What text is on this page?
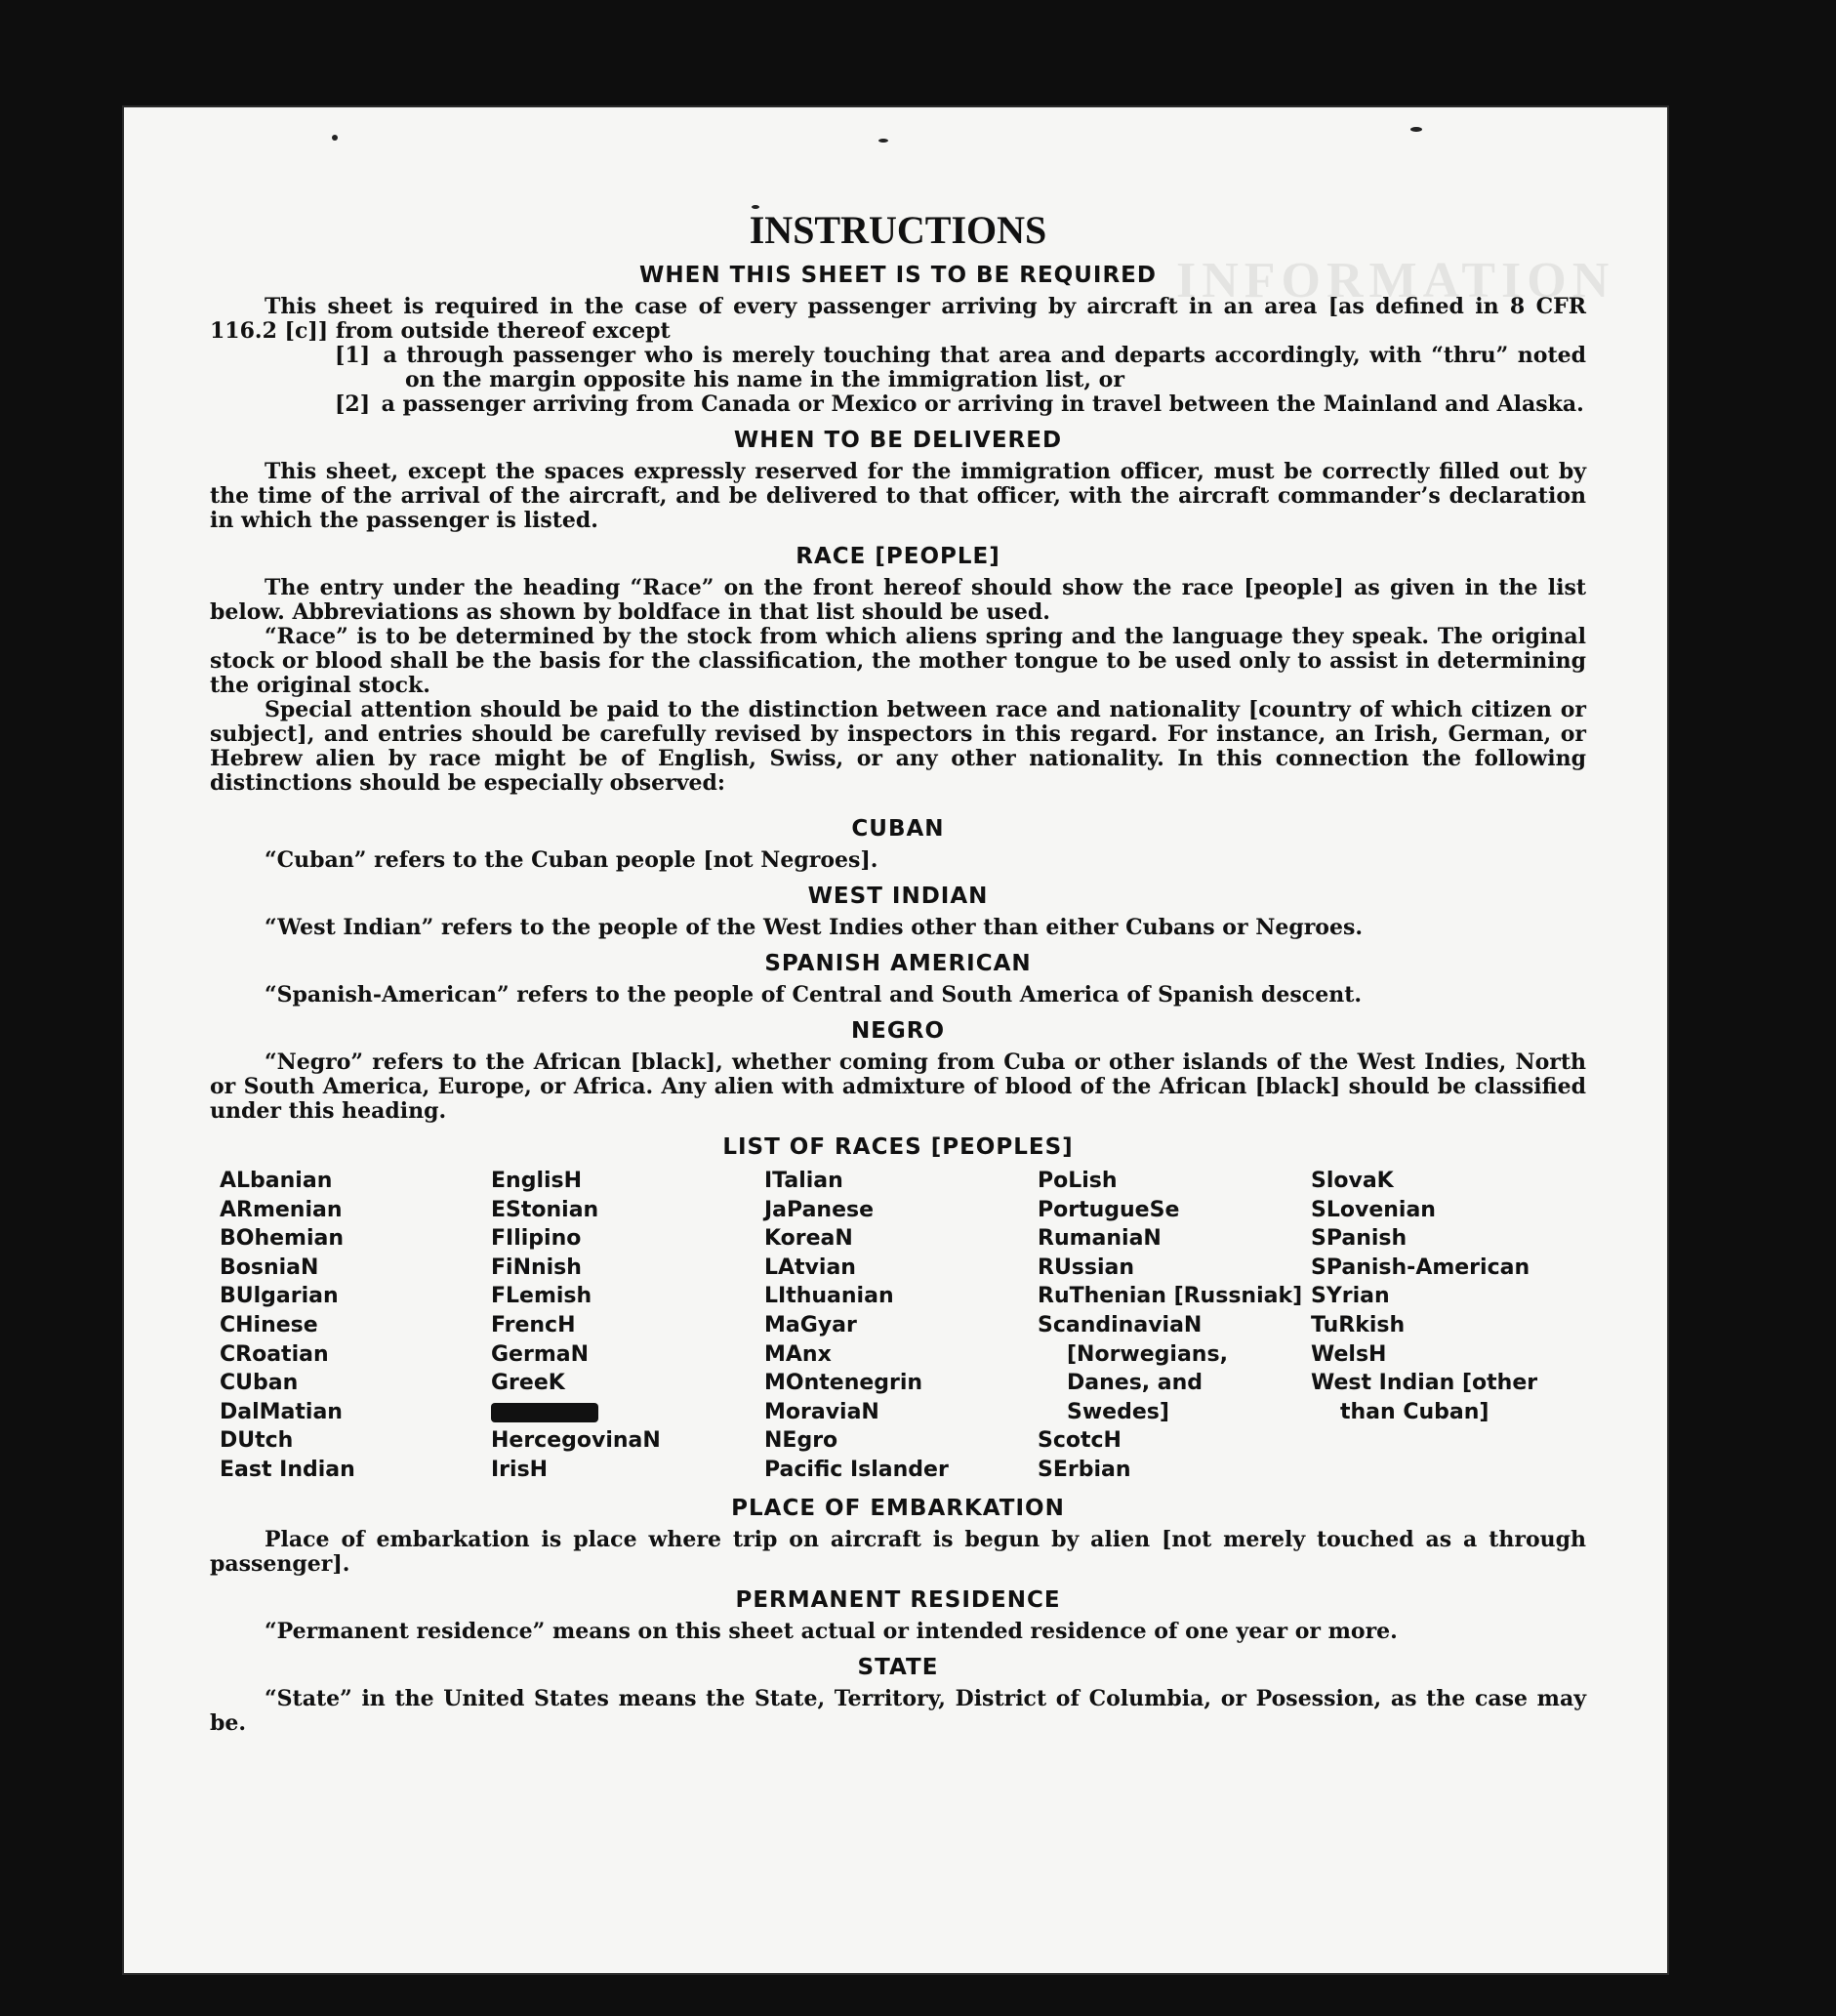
INFORMATION
INSTRUCTIONS
WHEN THIS SHEET IS TO BE REQUIRED

This sheet is required in the case of every passenger arriving by aircraft in an area [as defined in 8 CFR 116.2 [c]] from outside thereof except

[1] a through passenger who is merely touching that area and departs accordingly, with “thru” noted on the margin opposite his name in the immigration list, or

[2] a passenger arriving from Canada or Mexico or arriving in travel between the Mainland and Alaska.

WHEN TO BE DELIVERED

This sheet, except the spaces expressly reserved for the immigration officer, must be correctly filled out by the time of the arrival of the aircraft, and be delivered to that officer, with the aircraft commander’s declaration in which the passenger is listed.

RACE [PEOPLE]

The entry under the heading “Race” on the front hereof should show the race [people] as given in the list below. Abbreviations as shown by boldface in that list should be used.

“Race” is to be determined by the stock from which aliens spring and the language they speak. The original stock or blood shall be the basis for the classification, the mother tongue to be used only to assist in determining the original stock.

Special attention should be paid to the distinction between race and nationality [country of which citizen or subject], and entries should be carefully revised by inspectors in this regard. For instance, an Irish, German, or Hebrew alien by race might be of English, Swiss, or any other nationality. In this connection the following distinctions should be especially observed:

CUBAN

“Cuban” refers to the Cuban people [not Negroes].

WEST INDIAN

“West Indian” refers to the people of the West Indies other than either Cubans or Negroes.

SPANISH AMERICAN

“Spanish-American” refers to the people of Central and South America of Spanish descent.

NEGRO

“Negro” refers to the African [black], whether coming from Cuba or other islands of the West Indies, North or South America, Europe, or Africa. Any alien with admixture of blood of the African [black] should be classified under this heading.

LIST OF RACES [PEOPLES]
ALbanian
ARmenian
BOhemian
BosniaN
BUlgarian
CHinese
CRoatian
CUban
DalMatian
DUtch
East Indian
EnglisH
EStonian
FIlipino
FiNnish
FLemish
FrencH
GermaN
GreeK
HercegovinaN
IrisH
ITalian
JaPanese
KoreaN
LAtvian
LIthuanian
MaGyar
MAnx
MOntenegrin
MoraviaN
NEgro
Pacific Islander
PoLish
PortugueSe
RumaniaN
RUssian
RuThenian [Russniak]
ScandinaviaN [Norwegians, Danes, and Swedes]
ScotcH
SErbian
SlovaK
SLovenian
SPanish
SPanish-American
SYrian
TuRkish
WelsH
West Indian [other than Cuban]
PLACE OF EMBARKATION

Place of embarkation is place where trip on aircraft is begun by alien [not merely touched as a through passenger].

PERMANENT RESIDENCE

“Permanent residence” means on this sheet actual or intended residence of one year or more.

STATE

“State” in the United States means the State, Territory, District of Columbia, or Posession, as the case may be.
